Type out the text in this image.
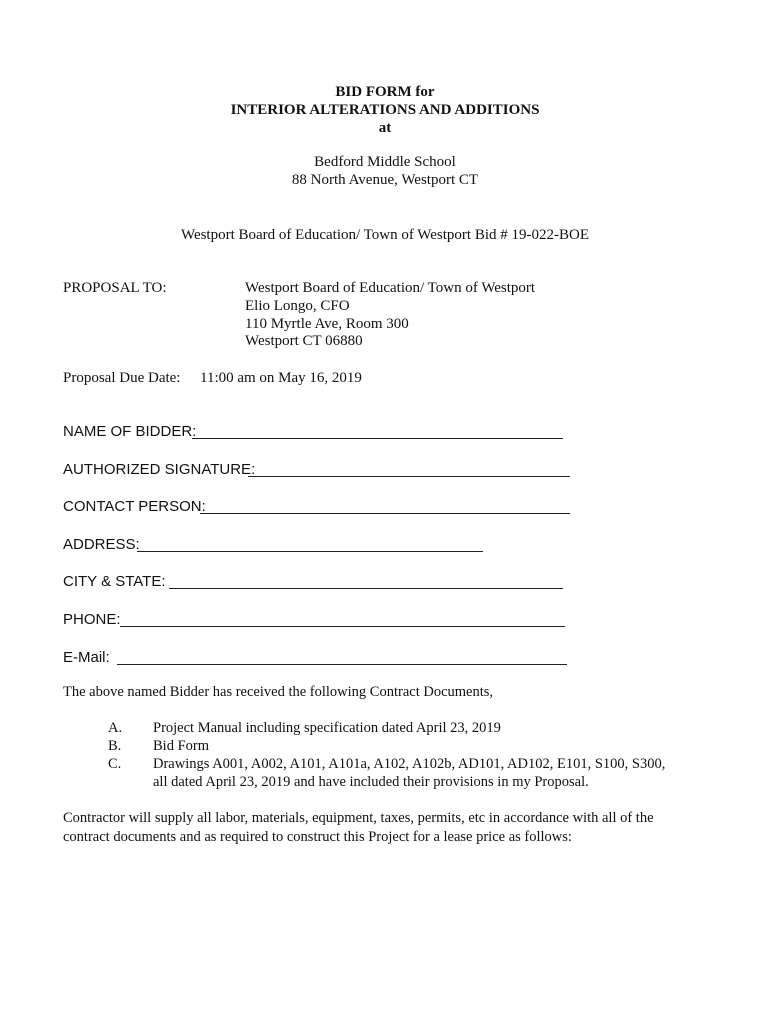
BID FORM for
INTERIOR ALTERATIONS AND ADDITIONS
at
Bedford Middle School
88 North Avenue, Westport CT
Westport Board of Education/ Town of Westport Bid # 19-022-BOE
PROPOSAL TO:	Westport Board of Education/ Town of Westport
Elio Longo, CFO
110 Myrtle Ave, Room 300
Westport CT 06880
Proposal Due Date: 11:00 am on May 16, 2019
NAME OF BIDDER:
AUTHORIZED SIGNATURE:
CONTACT PERSON:
ADDRESS:
CITY & STATE:
PHONE:
E-Mail:
The above named Bidder has received the following Contract Documents,
A. Project Manual including specification dated April 23, 2019
B. Bid Form
C. Drawings A001, A002, A101, A101a, A102, A102b, AD101, AD102, E101, S100, S300,
all dated April 23, 2019 and have included their provisions in my Proposal.
Contractor will supply all labor, materials, equipment, taxes, permits, etc in accordance with all of the
contract documents and as required to construct this Project for a lease price as follows:
